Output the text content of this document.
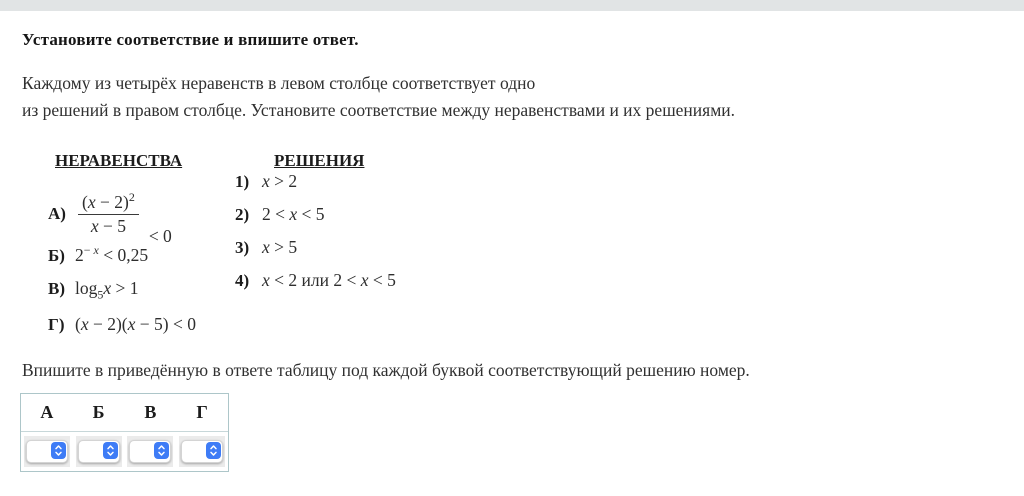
Установите соответствие и впишите ответ.
Каждому из четырёх неравенств в левом столбце соответствует одно
из решений в правом столбце. Установите соответствие между неравенствами и их решениями.
НЕРАВЕНСТВА
$А) \frac{(x - 2)^2}{x - 5} < 0$
Б) 2− $^x$ < 0,25
В) $\log_5x > 1$
Г) (x − 2)(x − 5) < 0
РЕШЕНИЯ
1) x > 2
2) 2 < x < 5
3) x > 5
4) x < 2 или 2 < x < 5
Впишите в приведённую в ответе таблицу под каждой буквой соответствующий решению номер.
А	Б	В	Г
